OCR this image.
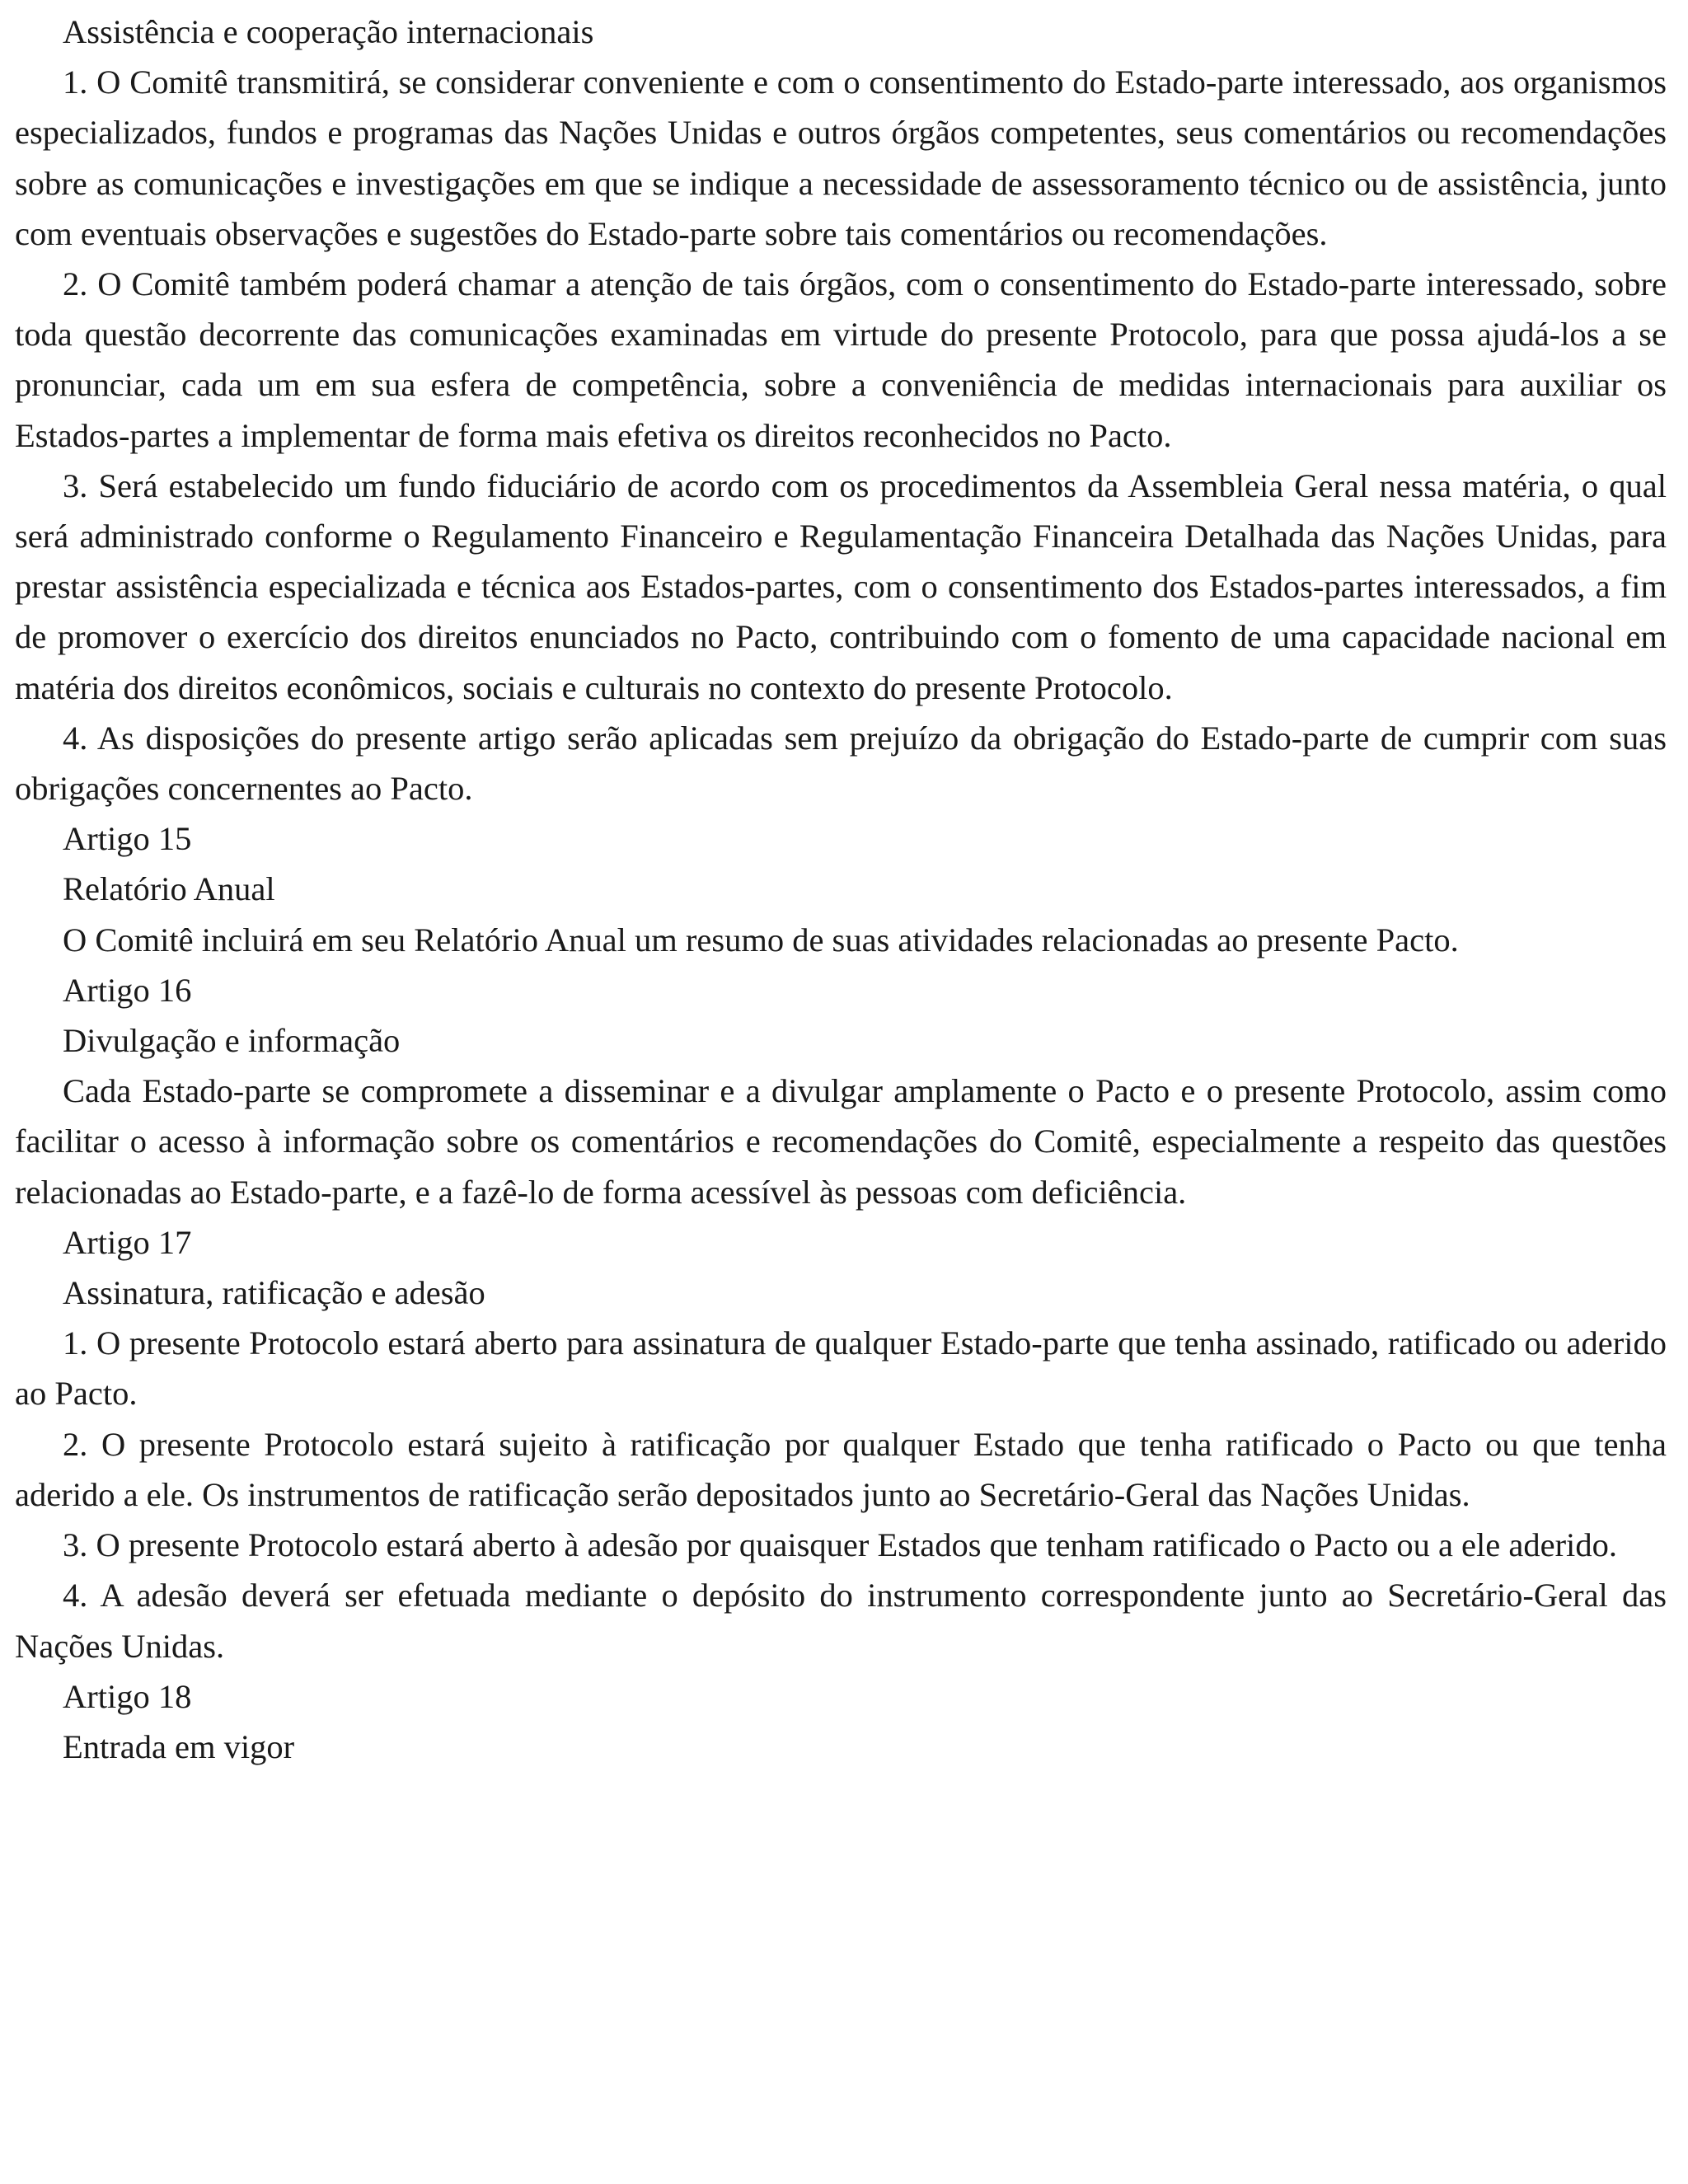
Assistência e cooperação internacionais

1. O Comitê transmitirá, se considerar conveniente e com o consentimento do Estado-parte interessado, aos organismos especializados, fundos e programas das Nações Unidas e outros órgãos competentes, seus comentários ou recomendações sobre as comunicações e investigações em que se indique a necessidade de assessoramento técnico ou de assistência, junto com eventuais observações e sugestões do Estado-parte sobre tais comentários ou recomendações.

2. O Comitê também poderá chamar a atenção de tais órgãos, com o consentimento do Estado-parte interessado, sobre toda questão decorrente das comunicações examinadas em virtude do presente Protocolo, para que possa ajudá-los a se pronunciar, cada um em sua esfera de competência, sobre a conveniência de medidas internacionais para auxiliar os Estados-partes a implementar de forma mais efetiva os direitos reconhecidos no Pacto.

3. Será estabelecido um fundo fiduciário de acordo com os procedimentos da Assembleia Geral nessa matéria, o qual será administrado conforme o Regulamento Financeiro e Regulamentação Financeira Detalhada das Nações Unidas, para prestar assistência especializada e técnica aos Estados-partes, com o consentimento dos Estados-partes interessados, a fim de promover o exercício dos direitos enunciados no Pacto, contribuindo com o fomento de uma capacidade nacional em matéria dos direitos econômicos, sociais e culturais no contexto do presente Protocolo.

4. As disposições do presente artigo serão aplicadas sem prejuízo da obrigação do Estado-parte de cumprir com suas obrigações concernentes ao Pacto.

Artigo 15

Relatório Anual

O Comitê incluirá em seu Relatório Anual um resumo de suas atividades relacionadas ao presente Pacto.

Artigo 16

Divulgação e informação

Cada Estado-parte se compromete a disseminar e a divulgar amplamente o Pacto e o presente Protocolo, assim como facilitar o acesso à informação sobre os comentários e recomendações do Comitê, especialmente a respeito das questões relacionadas ao Estado-parte, e a fazê-lo de forma acessível às pessoas com deficiência.

Artigo 17

Assinatura, ratificação e adesão

1. O presente Protocolo estará aberto para assinatura de qualquer Estado-parte que tenha assinado, ratificado ou aderido ao Pacto.

2. O presente Protocolo estará sujeito à ratificação por qualquer Estado que tenha ratificado o Pacto ou que tenha aderido a ele. Os instrumentos de ratificação serão depositados junto ao Secretário-Geral das Nações Unidas.

3. O presente Protocolo estará aberto à adesão por quaisquer Estados que tenham ratificado o Pacto ou a ele aderido.

4. A adesão deverá ser efetuada mediante o depósito do instrumento correspondente junto ao Secretário-Geral das Nações Unidas.

Artigo 18

Entrada em vigor
